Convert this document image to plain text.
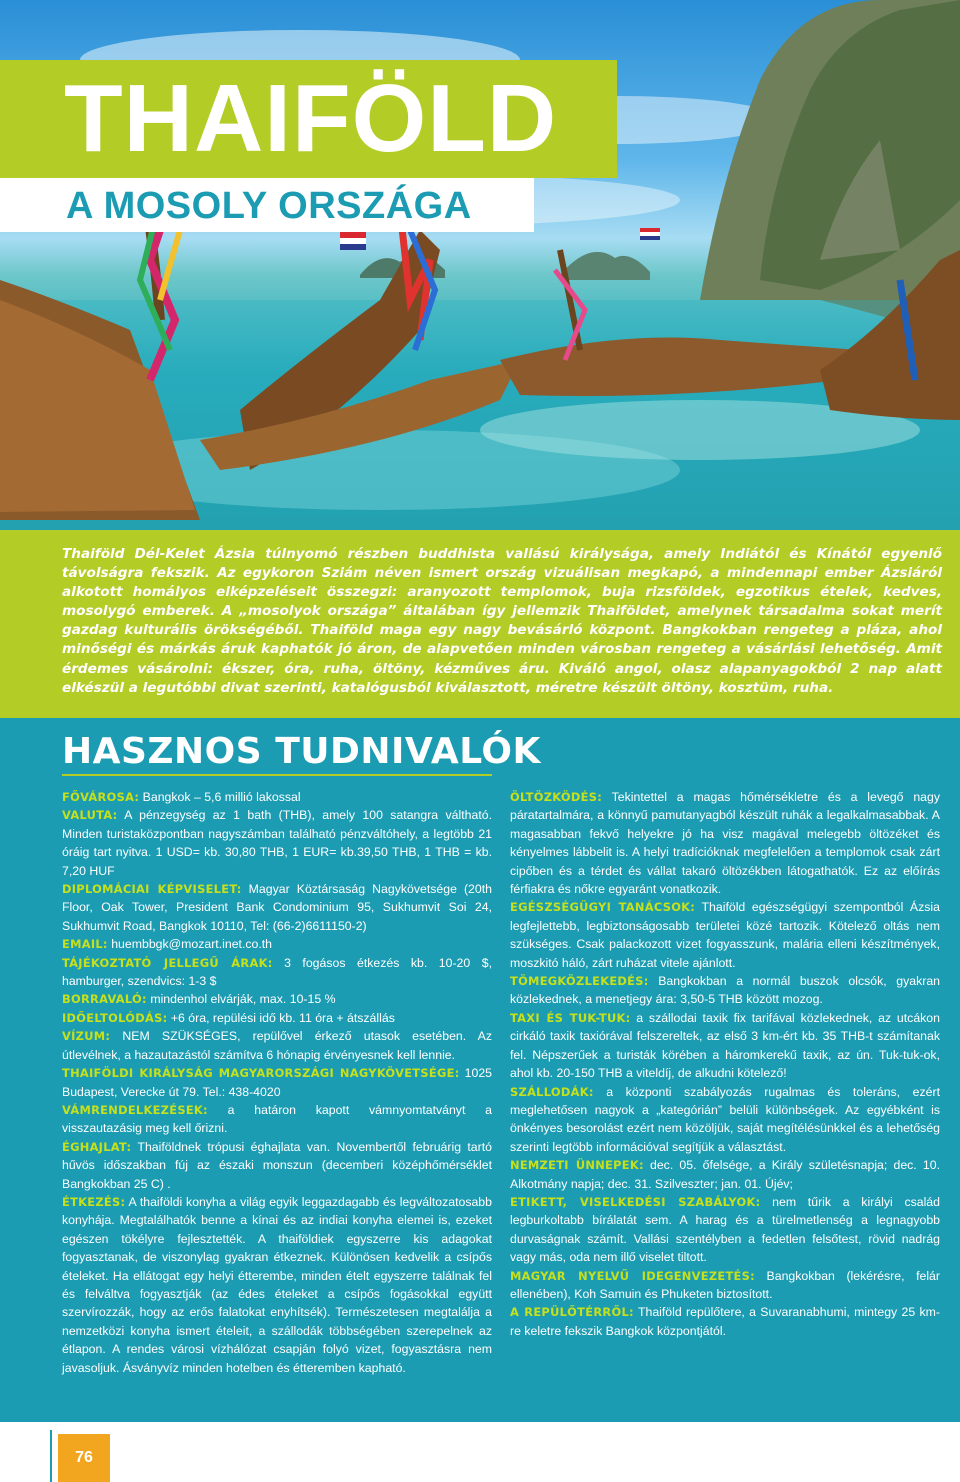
THAIFÖLD
A MOSOLY ORSZÁGA

Thaiföld Dél-Kelet Ázsia túlnyomó részben buddhista vallású királysága, amely Indiától és Kínától egyenlő távolságra fekszik. Az egykoron Sziám néven ismert ország vizuálisan megkapó, a mindennapi ember Ázsiáról alkotott homályos elképzeléseit összegzi: aranyozott templomok, buja rizsföldek, egzotikus ételek, kedves, mosolygó emberek. A „mosolyok országa” általában így jellemzik Thaiföldet, amelynek társadalma sokat merít gazdag kulturális örökségéből. Thaiföld maga egy nagy bevásárló központ. Bangkokban rengeteg a pláza, ahol minőségi és márkás áruk kaphatók jó áron, de alapvetően minden városban rengeteg a vásárlási lehetőség. Amit érdemes vásárolni: ékszer, óra, ruha, öltöny, kézműves áru. Kiváló angol, olasz alapanyagokból 2 nap alatt elkészül a legutóbbi divat szerinti, katalógusból kiválasztott, méretre készült öltöny, kosztüm, ruha.

HASZNOS TUDNIVALÓK

FŐVÁROSA: Bangkok – 5,6 millió lakossal

VALUTA: A pénzegység az 1 bath (THB), amely 100 satangra váltható. Minden turistaközpontban nagyszámban található pénzváltóhely, a legtöbb 21 óráig tart nyitva. 1 USD= kb. 30,80 THB, 1 EUR= kb.39,50 THB, 1 THB = kb. 7,20 HUF

DIPLOMÁCIAI KÉPVISELET: Magyar Köztársaság Nagykövetsége (20th Floor, Oak Tower, President Bank Condominium 95, Sukhumvit Soi 24, Sukhumvit Road, Bangkok 10110, Tel: (66-2)6611150-2)

EMAIL: huembbgk@mozart.inet.co.th

TÁJÉKOZTATÓ JELLEGŰ ÁRAK: 3 fogásos étkezés kb. 10-20 $, hamburger, szendvics: 1-3 $

BORRAVALÓ: mindenhol elvárják, max. 10-15 %

IDŐELTOLÓDÁS: +6 óra, repülési idő kb. 11 óra + átszállás

VÍZUM: NEM SZÜKSÉGES, repülővel érkező utasok esetében. Az útlevélnek, a hazautazástól számítva 6 hónapig érvényesnek kell lennie.

THAIFÖLDI KIRÁLYSÁG MAGYARORSZÁGI NAGYKÖVETSÉGE: 1025 Budapest, Verecke út 79. Tel.: 438-4020

VÁMRENDELKEZÉSEK: a határon kapott vámnyomtatványt a visszautazásig meg kell őrizni.

ÉGHAJLAT: Thaiföldnek trópusi éghajlata van. Novembertől februárig tartó hűvös időszakban fúj az északi monszun (decemberi középhőmérséklet Bangkokban 25 C) .

ÉTKEZÉS: A thaiföldi konyha a világ egyik leggazdagabb és legváltozatosabb konyhája. Megtalálhatók benne a kínai és az indiai konyha elemei is, ezeket egészen tökélyre fejlesztették. A thaiföldiek egyszerre kis adagokat fogyasztanak, de viszonylag gyakran étkeznek. Különösen kedvelik a csípős ételeket. Ha ellátogat egy helyi étterembe, minden ételt egyszerre találnak fel és felváltva fogyasztják (az édes ételeket a csípős fogásokkal együtt szervírozzák, hogy az erős falatokat enyhítsék). Természetesen megtalálja a nemzetközi konyha ismert ételeit, a szállodák többségében szerepelnek az étlapon. A rendes városi vízhálózat csapján folyó vizet, fogyasztásra nem javasoljuk. Ásványvíz minden hotelben és étteremben kapható.

ÖLTÖZKÖDÉS: Tekintettel a magas hőmérsékletre és a levegő nagy páratartalmára, a könnyű pamutanyagból készült ruhák a legalkalmasabbak. A magasabban fekvő helyekre jó ha visz magával melegebb öltözéket és kényelmes lábbelit is. A helyi tradícióknak megfelelően a templomok csak zárt cipőben és a térdet és vállat takaró öltözékben látogathatók. Ez az előírás férfiakra és nőkre egyaránt vonatkozik.

EGÉSZSÉGÜGYI TANÁCSOK: Thaiföld egészségügyi szempontból Ázsia legfejlettebb, legbiztonságosabb területei közé tartozik. Kötelező oltás nem szükséges. Csak palackozott vizet fogyasszunk, malária elleni készítmények, moszkitó háló, zárt ruházat vitele ajánlott.

TÖMEGKÖZLEKEDÉS: Bangkokban a normál buszok olcsók, gyakran közlekednek, a menetjegy ára: 3,50-5 THB között mozog.

TAXI ÉS TUK-TUK: a szállodai taxik fix tarifával közlekednek, az utcákon cirkáló taxik taxiórával felszereltek, az első 3 km-ért kb. 35 THB-t számítanak fel. Népszerűek a turisták körében a háromkerekű taxik, az ún. Tuk-tuk-ok, ahol kb. 20-150 THB a viteldíj, de alkudni kötelező!

SZÁLLODÁK: a központi szabályozás rugalmas és toleráns, ezért meglehetősen nagyok a „kategórián” belüli különbségek. Az egyébként is önkényes besorolást ezért nem közöljük, saját megítélésünkkel és a lehetőség szerinti legtöbb információval segítjük a választást.

NEMZETI ÜNNEPEK: dec. 05. őfelsége, a Király születésnapja; dec. 10. Alkotmány napja; dec. 31. Szilveszter; jan. 01. Újév;

ETIKETT, VISELKEDÉSI SZABÁLYOK: nem tűrik a királyi család legburkoltabb bírálatát sem. A harag és a türelmetlenség a legnagyobb durvaságnak számít. Vallási szentélyben a fedetlen felsőtest, rövid nadrág vagy más, oda nem illő viselet tiltott.

MAGYAR NYELVŰ IDEGENVEZETÉS: Bangkokban (lekérésre, felár ellenében), Koh Samuin és Phuketen biztosított.

A REPÜLŐTÉRRŐL: Thaiföld repülőtere, a Suvaranabhumi, mintegy 25 km-re keletre fekszik Bangkok központjától.

76
